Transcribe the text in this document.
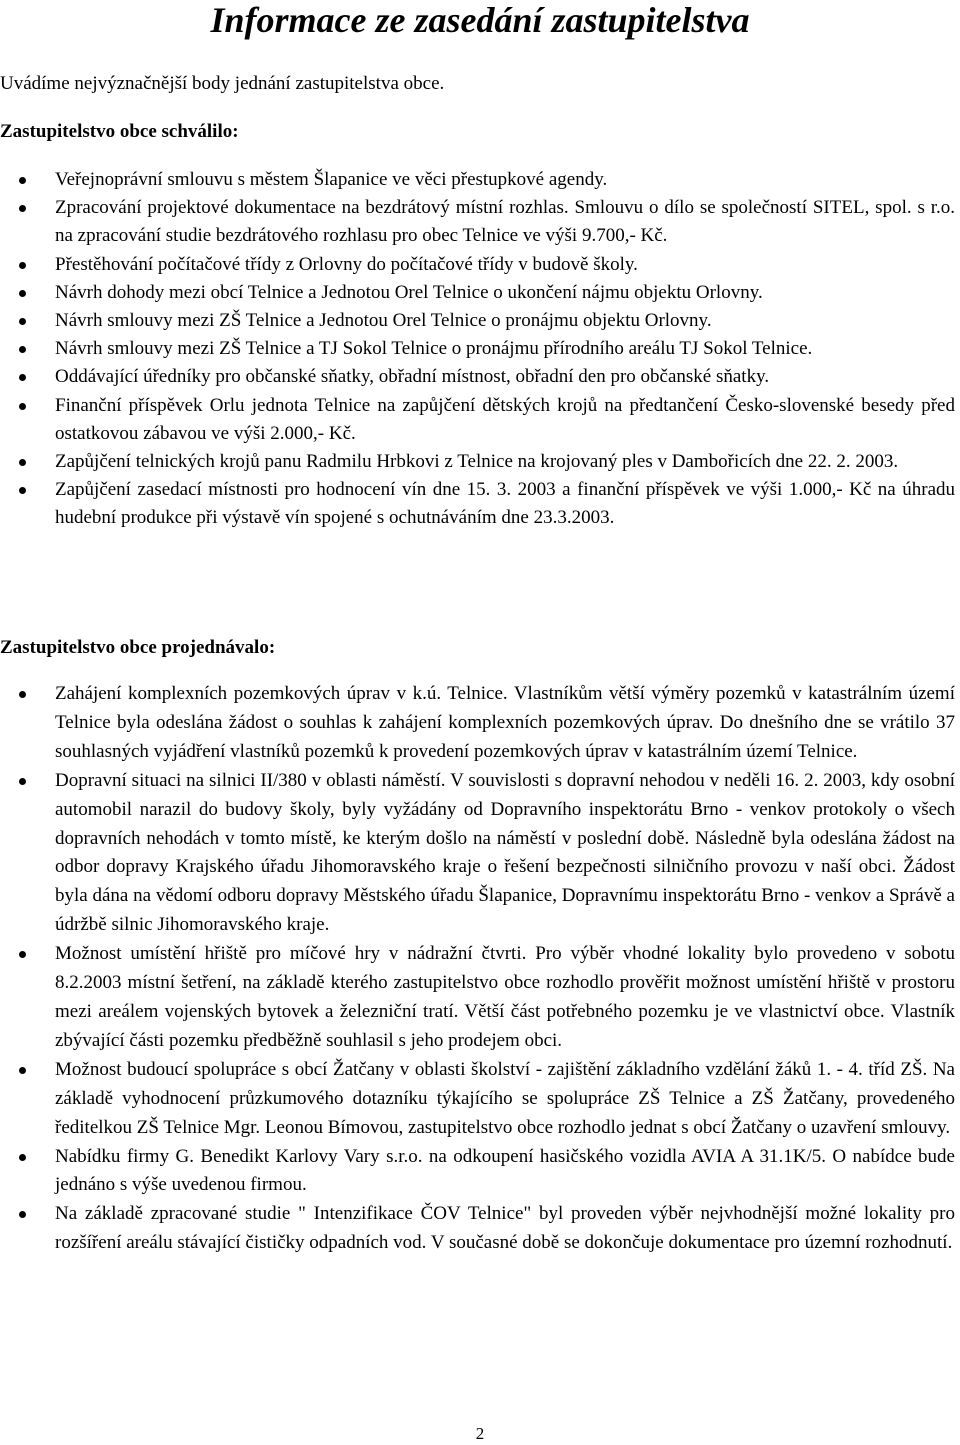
Informace ze zasedání zastupitelstva

Uvádíme nejvýznačnější body jednání zastupitelstva obce.

Zastupitelstvo obce schválilo:
Veřejnoprávní smlouvu s městem Šlapanice ve věci přestupkové agendy.
Zpracování projektové dokumentace na bezdrátový místní rozhlas. Smlouvu o dílo se společností SITEL, spol. s r.o. na zpracování studie bezdrátového rozhlasu pro obec Telnice ve výši 9.700,- Kč.
Přestěhování počítačové třídy z Orlovny do počítačové třídy v budově školy.
Návrh dohody mezi obcí Telnice a Jednotou Orel Telnice o ukončení nájmu objektu Orlovny.
Návrh smlouvy mezi ZŠ Telnice a Jednotou Orel Telnice o pronájmu objektu Orlovny.
Návrh smlouvy mezi ZŠ Telnice a TJ Sokol Telnice o pronájmu přírodního areálu TJ Sokol Telnice.
Oddávající úředníky pro občanské sňatky, obřadní místnost, obřadní den pro občanské sňatky.
Finanční příspěvek Orlu jednota Telnice na zapůjčení dětských krojů na předtančení Česko-slovenské besedy před ostatkovou zábavou ve výši 2.000,- Kč.
Zapůjčení telnických krojů panu Radmilu Hrbkovi z Telnice na krojovaný ples v Dambořicích dne 22. 2. 2003.
Zapůjčení zasedací místnosti pro hodnocení vín dne 15. 3. 2003 a finanční příspěvek ve výši 1.000,- Kč na úhradu hudební produkce při výstavě vín spojené s ochutnáváním dne 23.3.2003.
Zastupitelstvo obce projednávalo:
Zahájení komplexních pozemkových úprav v k.ú. Telnice. Vlastníkům větší výměry pozemků v katastrálním území Telnice byla odeslána žádost o souhlas k zahájení komplexních pozemkových úprav. Do dnešního dne se vrátilo 37 souhlasných vyjádření vlastníků pozemků k provedení pozemkových úprav v katastrálním území Telnice.
Dopravní situaci na silnici II/380 v oblasti náměstí. V souvislosti s dopravní nehodou v neděli 16. 2. 2003, kdy osobní automobil narazil do budovy školy, byly vyžádány od Dopravního inspektorátu Brno - venkov protokoly o všech dopravních nehodách v tomto místě, ke kterým došlo na náměstí v poslední době. Následně byla odeslána žádost na odbor dopravy Krajského úřadu Jihomoravského kraje o řešení bezpečnosti silničního provozu v naší obci. Žádost byla dána na vědomí odboru dopravy Městského úřadu Šlapanice, Dopravnímu inspektorátu Brno - venkov a Správě a údržbě silnic Jihomoravského kraje.
Možnost umístění hřiště pro míčové hry v nádražní čtvrti. Pro výběr vhodné lokality bylo provedeno v sobotu 8.2.2003 místní šetření, na základě kterého zastupitelstvo obce rozhodlo prověřit možnost umístění hřiště v prostoru mezi areálem vojenských bytovek a železniční tratí. Větší část potřebného pozemku je ve vlastnictví obce. Vlastník zbývající části pozemku předběžně souhlasil s jeho prodejem obci.
Možnost budoucí spolupráce s obcí Žatčany v oblasti školství - zajištění základního vzdělání žáků 1. - 4. tříd ZŠ. Na základě vyhodnocení průzkumového dotazníku týkajícího se spolupráce ZŠ Telnice a ZŠ Žatčany, provedeného ředitelkou ZŠ Telnice Mgr. Leonou Bímovou, zastupitelstvo obce rozhodlo jednat s obcí Žatčany o uzavření smlouvy.
Nabídku firmy G. Benedikt Karlovy Vary s.r.o. na odkoupení hasičského vozidla AVIA A 31.1K/5. O nabídce bude jednáno s výše uvedenou firmou.
Na základě zpracované studie " Intenzifikace ČOV Telnice" byl proveden výběr nejvhodnější možné lokality pro rozšíření areálu stávající čističky odpadních vod. V současné době se dokončuje dokumentace pro územní rozhodnutí.
2
